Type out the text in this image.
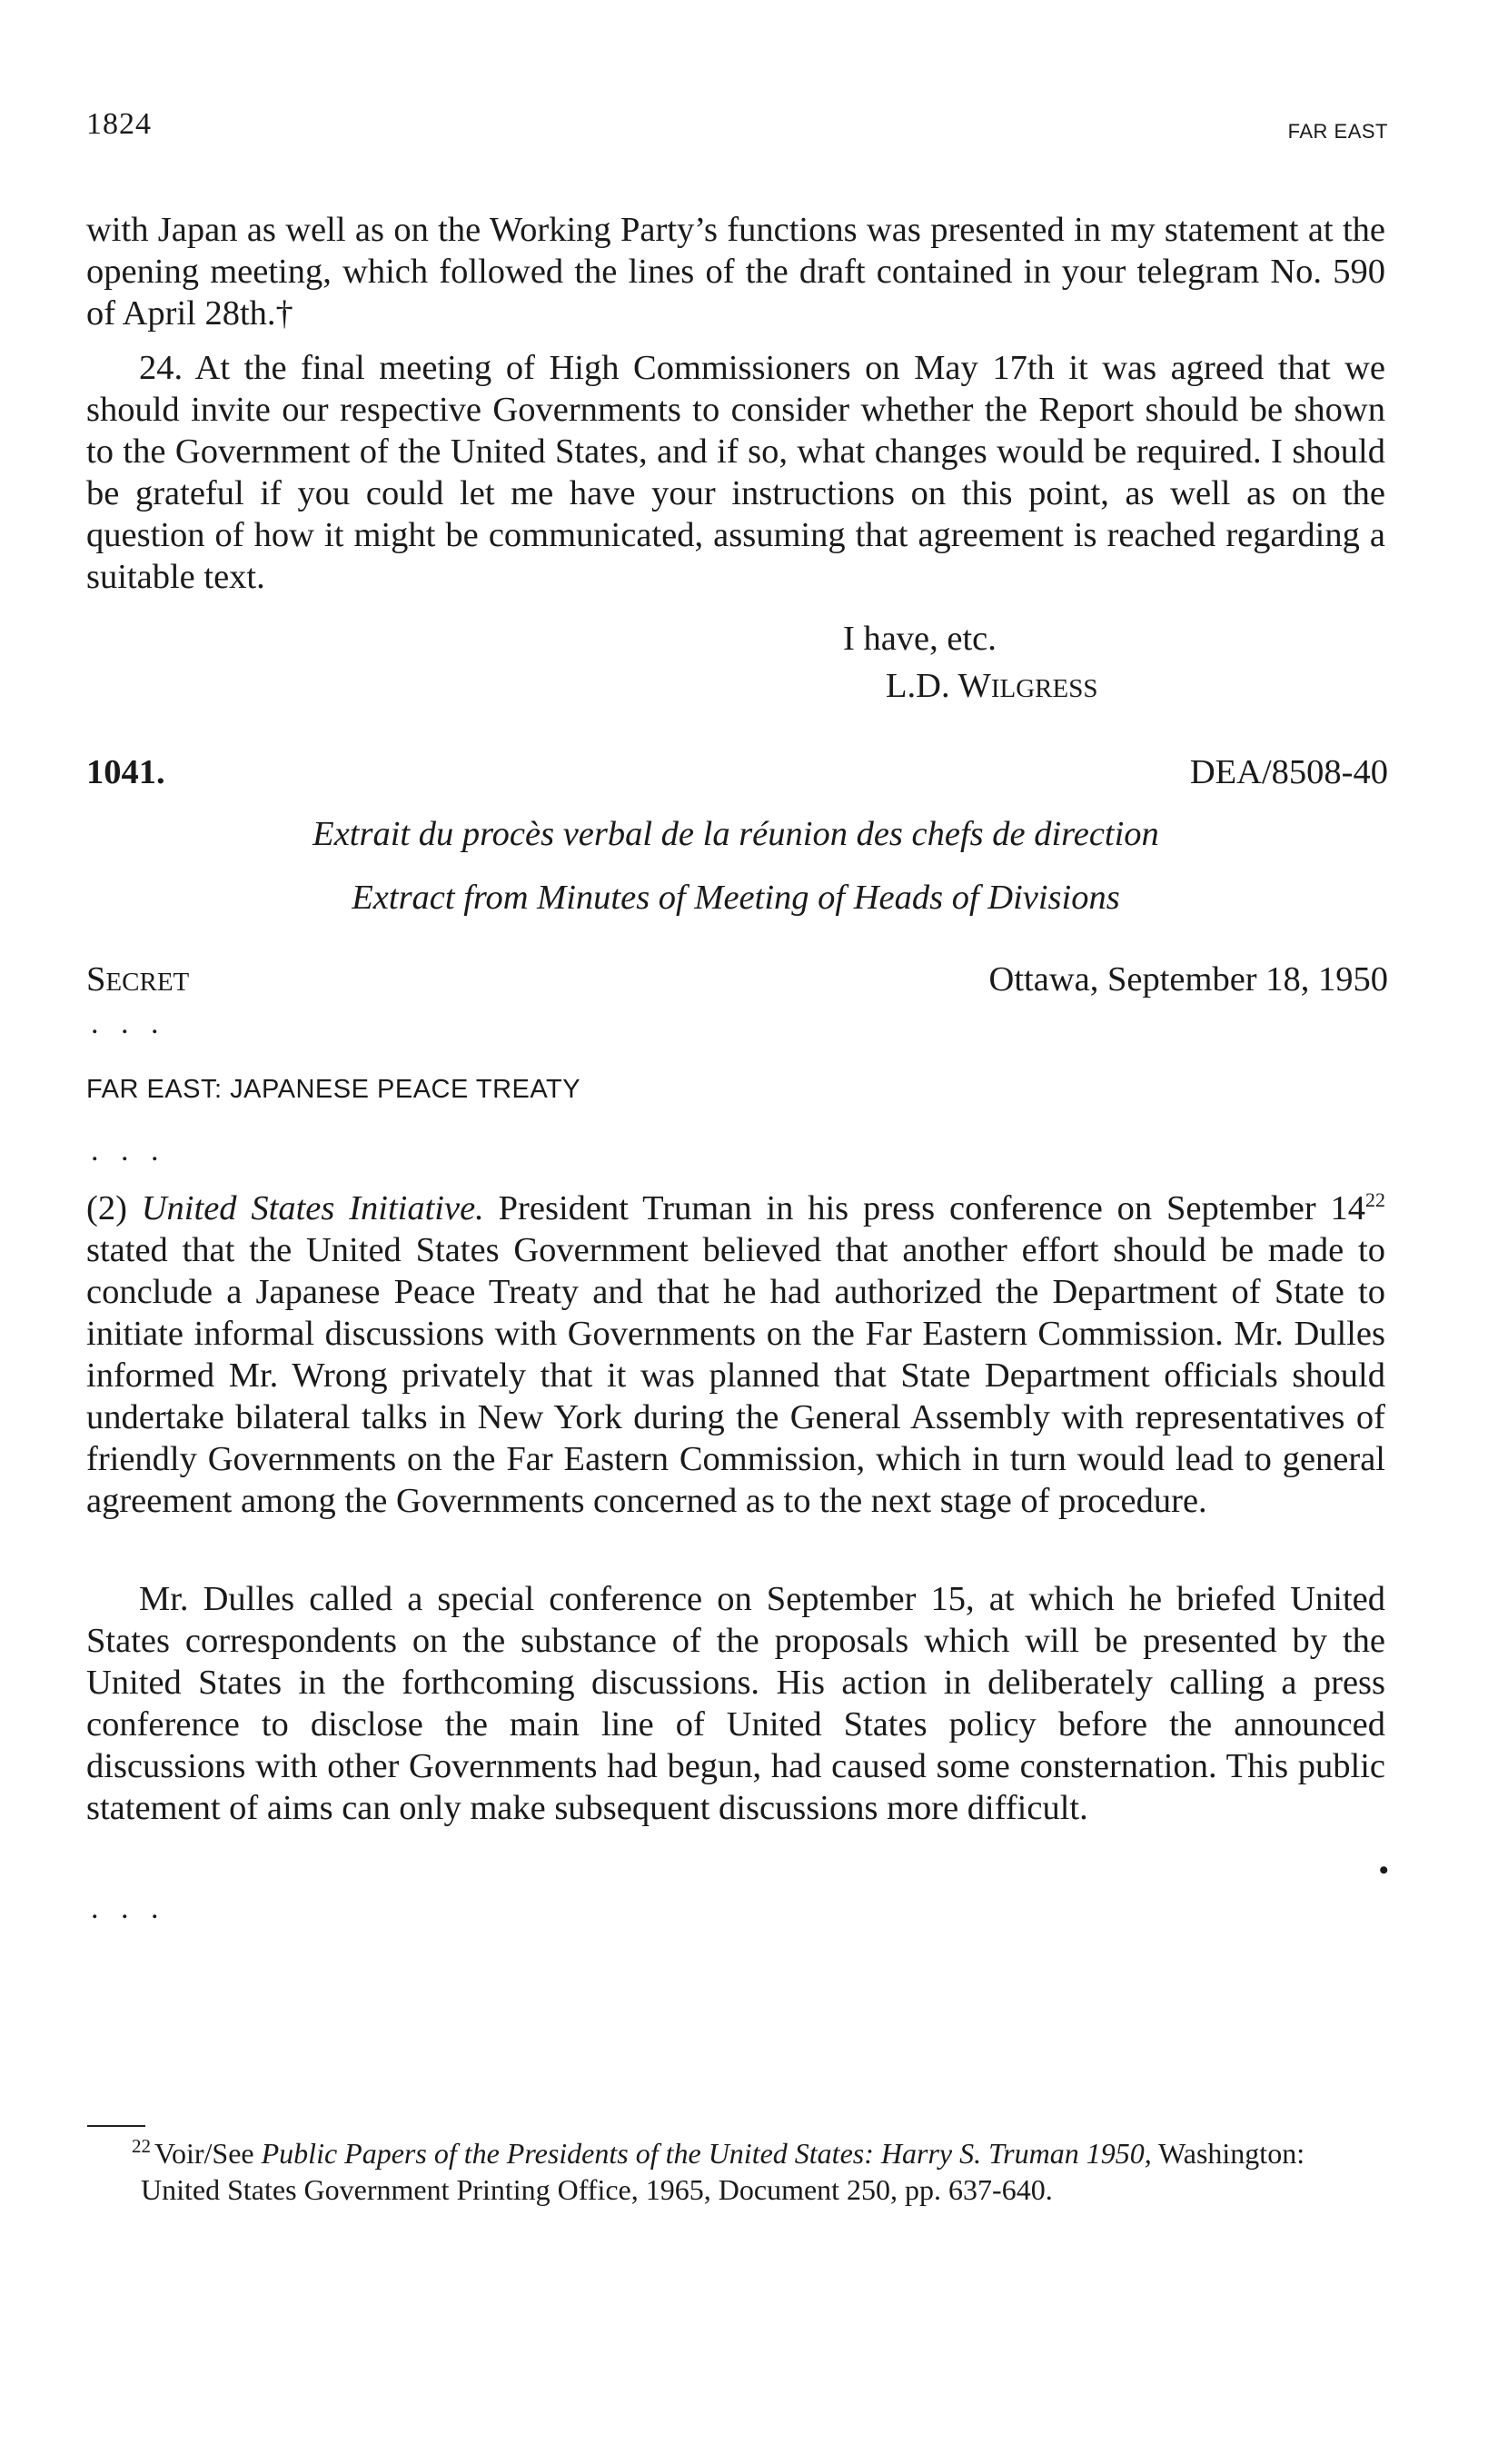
1824	FAR EAST

with Japan as well as on the Working Party’s functions was presented in my statement at the opening meeting, which followed the lines of the draft contained in your telegram No. 590 of April 28th.†

24. At the final meeting of High Commissioners on May 17th it was agreed that we should invite our respective Governments to consider whether the Report should be shown to the Government of the United States, and if so, what changes would be required. I should be grateful if you could let me have your instructions on this point, as well as on the question of how it might be communicated, assuming that agreement is reached regarding a suitable text.

I have, etc.
L.D. WILGRESS
1041.	DEA/8508-40
Extrait du procès verbal de la réunion des chefs de direction
Extract from Minutes of Meeting of Heads of Divisions
SECRET	Ottawa, September 18, 1950
. . .
FAR EAST: JAPANESE PEACE TREATY
. . .

(2) United States Initiative. President Truman in his press conference on September $14^{22}$ stated that the United States Government believed that another effort should be made to conclude a Japanese Peace Treaty and that he had authorized the Department of State to initiate informal discussions with Governments on the Far Eastern Commission. Mr. Dulles informed Mr. Wrong privately that it was planned that State Department officials should undertake bilateral talks in New York during the General Assembly with representatives of friendly Governments on the Far Eastern Commission, which in turn would lead to general agreement among the Governments concerned as to the next stage of procedure.

Mr. Dulles called a special conference on September 15, at which he briefed United States correspondents on the substance of the proposals which will be presented by the United States in the forthcoming discussions. His action in deliberately calling a press conference to disclose the main line of United States policy before the announced discussions with other Governments had begun, had caused some consternation. This public statement of aims can only make subsequent discussions more difficult.

•
. . .
$^{22}$ Voir/See Public Papers of the Presidents of the United States: Harry S. Truman 1950, Washington: United States Government Printing Office, 1965, Document 250, pp. 637-640.
